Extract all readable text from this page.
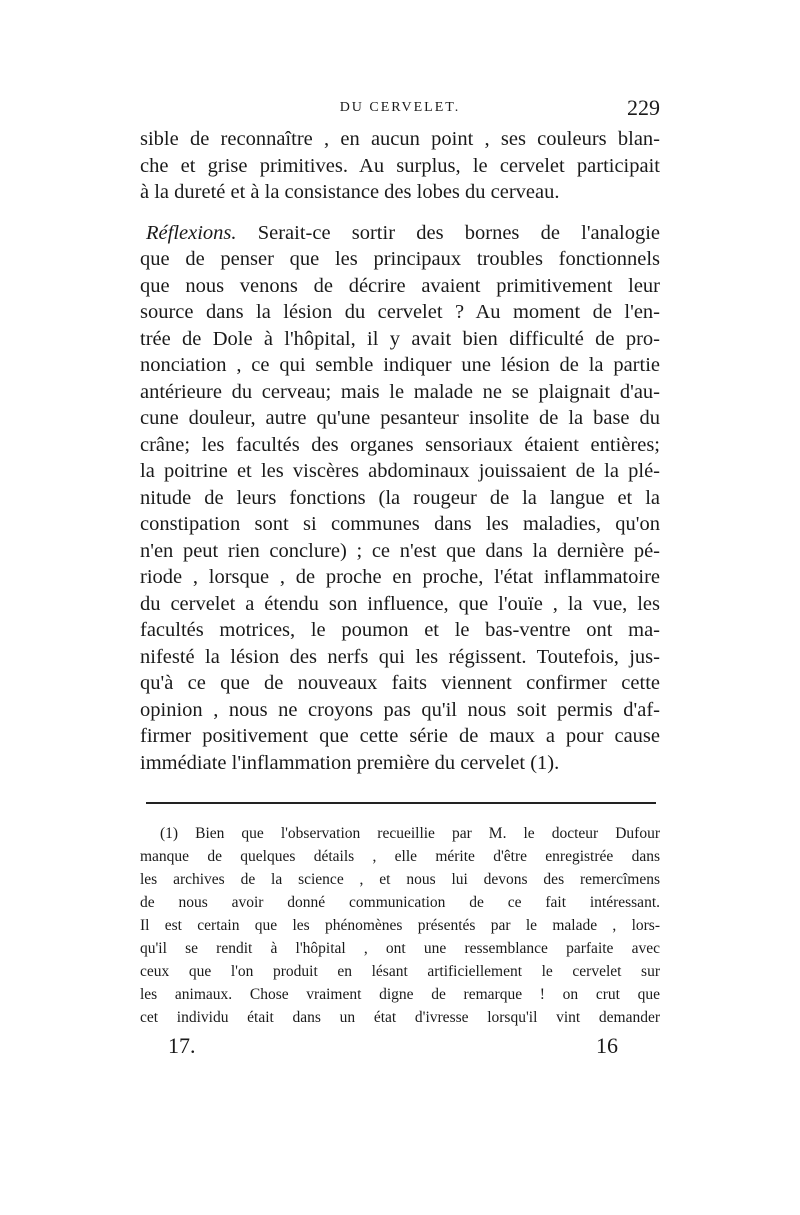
DU CERVELET.	229
sible de reconnaître , en aucun point , ses couleurs blan-
che et grise primitives. Au surplus, le cervelet participait
à la dureté et à la consistance des lobes du cerveau.
Réflexions. Serait-ce sortir des bornes de l'analogie
que de penser que les principaux troubles fonctionnels
que nous venons de décrire avaient primitivement leur
source dans la lésion du cervelet ? Au moment de l'en-
trée de Dole à l'hôpital, il y avait bien difficulté de pro-
nonciation , ce qui semble indiquer une lésion de la partie
antérieure du cerveau; mais le malade ne se plaignait d'au-
cune douleur, autre qu'une pesanteur insolite de la base du
crâne; les facultés des organes sensoriaux étaient entières;
la poitrine et les viscères abdominaux jouissaient de la plé-
nitude de leurs fonctions (la rougeur de la langue et la
constipation sont si communes dans les maladies, qu'on
n'en peut rien conclure) ; ce n'est que dans la dernière pé-
riode , lorsque , de proche en proche, l'état inflammatoire
du cervelet a étendu son influence, que l'ouïe , la vue, les
facultés motrices, le poumon et le bas-ventre ont ma-
nifesté la lésion des nerfs qui les régissent. Toutefois, jus-
qu'à ce que de nouveaux faits viennent confirmer cette
opinion , nous ne croyons pas qu'il nous soit permis d'af-
firmer positivement que cette série de maux a pour cause
immédiate l'inflammation première du cervelet (1).
(1) Bien que l'observation recueillie par M. le docteur Dufour
manque de quelques détails , elle mérite d'être enregistrée dans
les archives de la science , et nous lui devons des remercîmens
de nous avoir donné communication de ce fait intéressant.
Il est certain que les phénomènes présentés par le malade , lors-
qu'il se rendit à l'hôpital , ont une ressemblance parfaite avec
ceux que l'on produit en lésant artificiellement le cervelet sur
les animaux. Chose vraiment digne de remarque ! on crut que
cet individu était dans un état d'ivresse lorsqu'il vint demander
17.	16
